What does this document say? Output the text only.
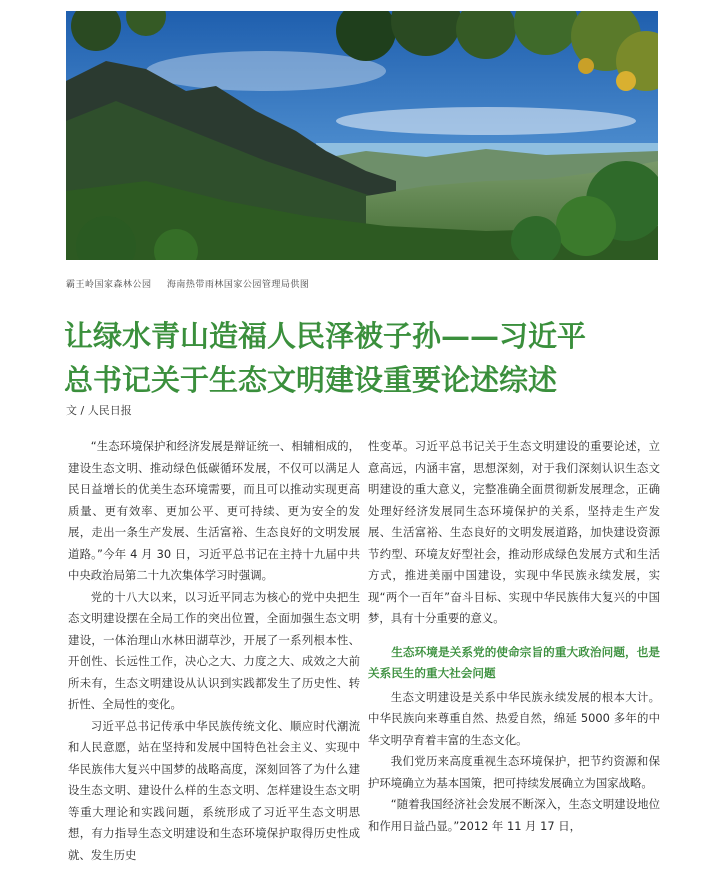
霸王岭国家森林公园 海南热带雨林国家公园管理局供图
让绿水青山造福人民泽被子孙——习近平
总书记关于生态文明建设重要论述综述
文 / 人民日报

“生态环境保护和经济发展是辩证统一、相辅相成的，建设生态文明、推动绿色低碳循环发展，不仅可以满足人民日益增长的优美生态环境需要，而且可以推动实现更高质量、更有效率、更加公平、更可持续、更为安全的发展，走出一条生产发展、生活富裕、生态良好的文明发展道路。”今年 4 月 30 日，习近平总书记在主持十九届中共中央政治局第二十九次集体学习时强调。

党的十八大以来，以习近平同志为核心的党中央把生态文明建设摆在全局工作的突出位置，全面加强生态文明建设，一体治理山水林田湖草沙，开展了一系列根本性、开创性、长远性工作，决心之大、力度之大、成效之大前所未有，生态文明建设从认识到实践都发生了历史性、转折性、全局性的变化。

习近平总书记传承中华民族传统文化、顺应时代潮流和人民意愿，站在坚持和发展中国特色社会主义、实现中华民族伟大复兴中国梦的战略高度，深刻回答了为什么建设生态文明、建设什么样的生态文明、怎样建设生态文明等重大理论和实践问题，系统形成了习近平生态文明思想，有力指导生态文明建设和生态环境保护取得历史性成就、发生历史

性变革。习近平总书记关于生态文明建设的重要论述，立意高远，内涵丰富，思想深刻，对于我们深刻认识生态文明建设的重大意义，完整准确全面贯彻新发展理念，正确处理好经济发展同生态环境保护的关系，坚持走生产发展、生活富裕、生态良好的文明发展道路，加快建设资源节约型、环境友好型社会，推动形成绿色发展方式和生活方式，推进美丽中国建设，实现中华民族永续发展，实现“两个一百年”奋斗目标、实现中华民族伟大复兴的中国梦，具有十分重要的意义。

生态环境是关系党的使命宗旨的重大政治问题，也是关系民生的重大社会问题

生态文明建设是关系中华民族永续发展的根本大计。中华民族向来尊重自然、热爱自然，绵延 5000 多年的中华文明孕育着丰富的生态文化。

我们党历来高度重视生态环境保护，把节约资源和保护环境确立为基本国策，把可持续发展确立为国家战略。

“随着我国经济社会发展不断深入，生态文明建设地位和作用日益凸显。”2012 年 11 月 17 日，
